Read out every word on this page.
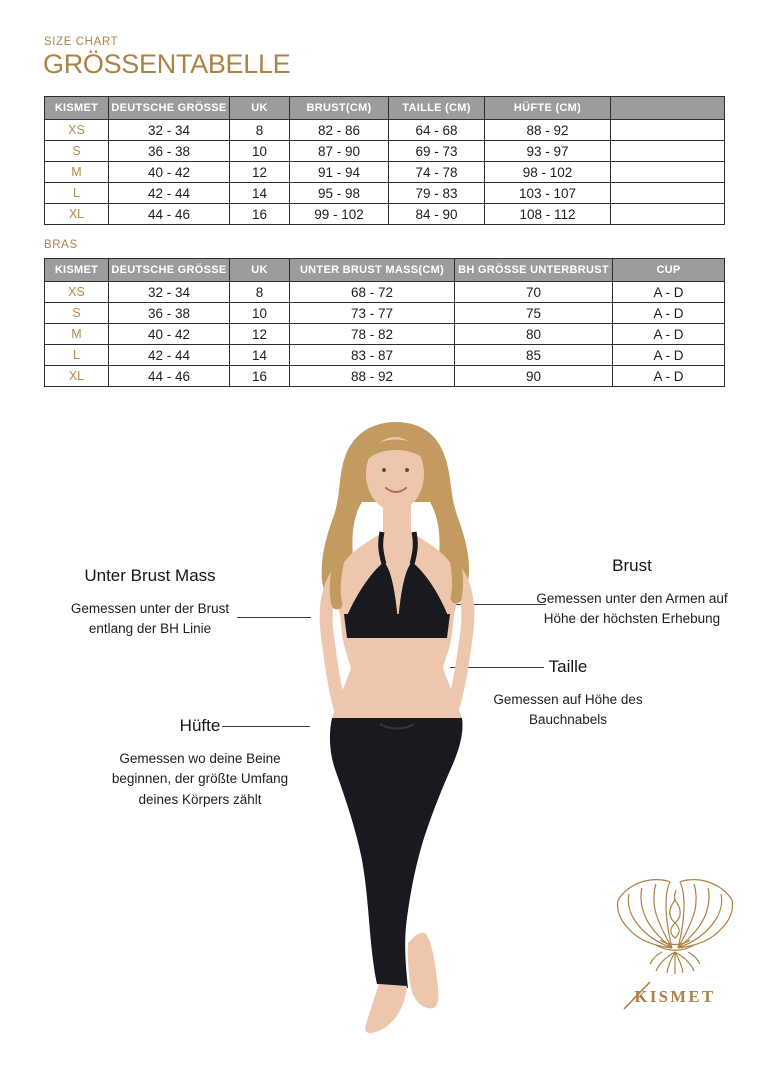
SIZE CHART
GRÖSSENTABELLE
KISMET	DEUTSCHE GRÖSSE	UK	BRUST(CM)	TAILLE (CM)	HÜFTE (CM)	
XS	32 - 34	8	82 - 86	64 - 68	88 - 92	
S	36 - 38	10	87 - 90	69 - 73	93 - 97	
M	40 - 42	12	91 - 94	74 - 78	98 - 102	
L	42 - 44	14	95 - 98	79 - 83	103 - 107	
XL	44 - 46	16	99 - 102	84 - 90	108 - 112	
BRAS
KISMET	DEUTSCHE GRÖSSE	UK	UNTER BRUST MASS(CM)	BH GRÖSSE UNTERBRUST	CUP
XS	32 - 34	8	68 - 72	70	A - D
S	36 - 38	10	73 - 77	75	A - D
M	40 - 42	12	78 - 82	80	A - D
L	42 - 44	14	83 - 87	85	A - D
XL	44 - 46	16	88 - 92	90	A - D
Unter Brust Mass
Gemessen unter der Brust entlang der BH Linie
Brust
Gemessen unter den Armen auf Höhe der höchsten Erhebung
Taille
Gemessen auf Höhe des Bauchnabels
Hüfte
Gemessen wo deine Beine beginnen, der größte Umfang deines Körpers zählt
KISMET
